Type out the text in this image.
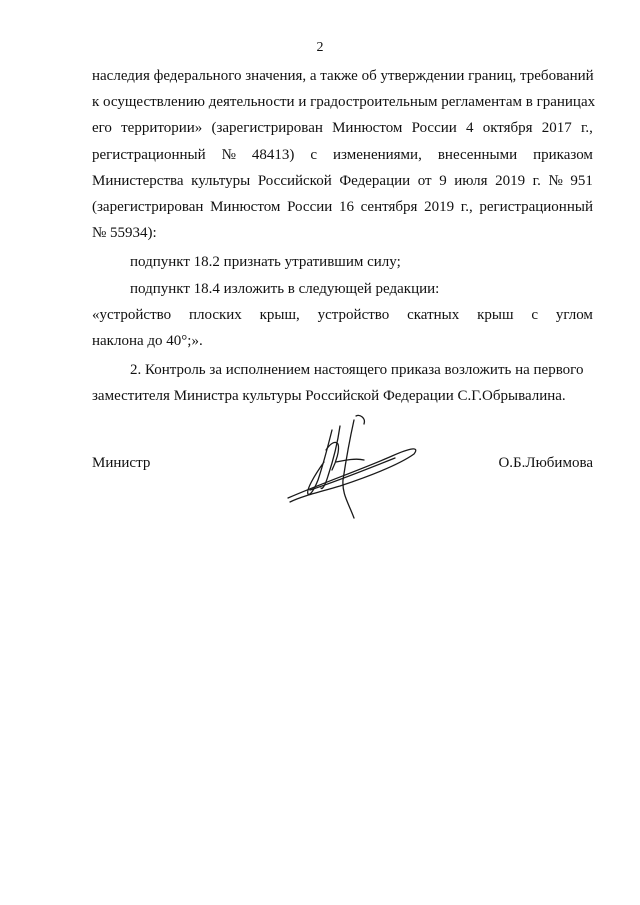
2
наследия федерального значения, а также об утверждении границ, требований
к осуществлению деятельности и градостроительным регламентам в границах
его территории» (зарегистрирован Минюстом России 4 октября 2017 г.,
регистрационный № 48413) с изменениями, внесенными приказом
Министерства культуры Российской Федерации от 9 июля 2019 г. № 951
(зарегистрирован Минюстом России 16 сентября 2019 г., регистрационный
№ 55934):
подпункт 18.2 признать утратившим силу;
подпункт 18.4 изложить в следующей редакции:
«устройство плоских крыш, устройство скатных крыш с углом
наклона до 40°;».
2. Контроль за исполнением настоящего приказа возложить на первого
заместителя Министра культуры Российской Федерации С.Г.Обрывалина.
Министр	О.Б.Любимова
